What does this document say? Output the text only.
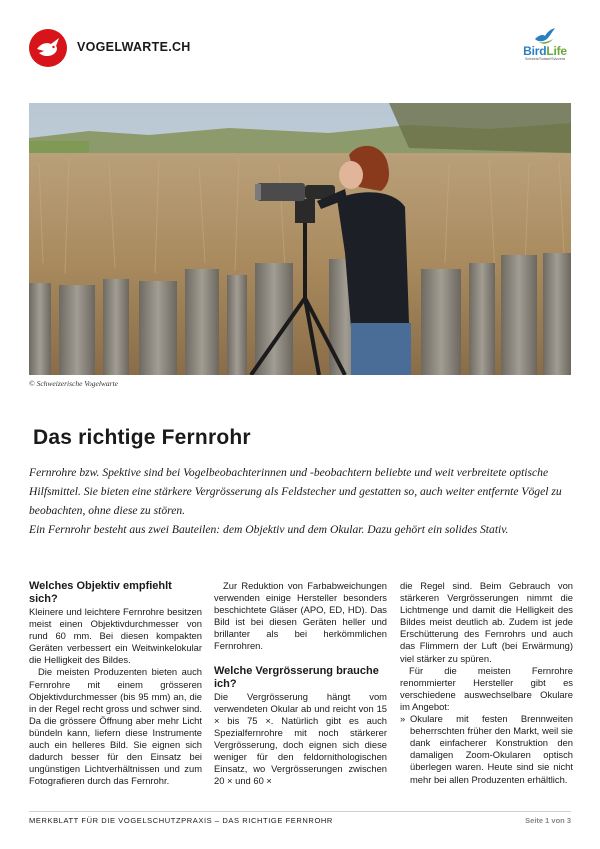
VOGELWARTE.CH	BirdLife
Schweiz/Suisse/Svizzera
© Schweizerische Vogelwarte
Das richtige Fernrohr

Fernrohre bzw. Spektive sind bei Vogelbeobachterinnen und -beobachtern beliebte und weit verbreitete optische Hilfsmittel. Sie bieten eine stärkere Vergrösserung als Feldstecher und gestatten so, auch weiter entfernte Vögel zu beobachten, ohne diese zu stören.

Ein Fernrohr besteht aus zwei Bauteilen: dem Objektiv und dem Okular. Dazu gehört ein solides Stativ.

Welches Objektiv empfiehlt sich?

Kleinere und leichtere Fernrohre besitzen meist einen Objektivdurchmesser von rund 60 mm. Bei diesen kompakten Geräten verbessert ein Weitwinkelokular die Helligkeit des Bildes.

Die meisten Produzenten bieten auch Fernrohre mit einem grösseren Objektivdurchmesser (bis 95 mm) an, die in der Regel recht gross und schwer sind. Da die grössere Öffnung aber mehr Licht bündeln kann, liefern diese Instrumente auch ein helleres Bild. Sie eignen sich dadurch besser für den Einsatz bei ungünstigen Lichtverhältnissen und zum Fotografieren durch das Fernrohr.

Zur Reduktion von Farbabweichungen verwenden einige Hersteller besonders beschichtete Gläser (APO, ED, HD). Das Bild ist bei diesen Geräten heller und brillanter als bei herkömmlichen Fernrohren.

Welche Vergrösserung brauche ich?

Die Vergrösserung hängt vom verwendeten Okular ab und reicht von 15 × bis 75 ×. Natürlich gibt es auch Spezialfernrohre mit noch stärkerer Vergrösserung, doch eignen sich diese weniger für den feldornithologischen Einsatz, wo Vergrösserungen zwischen 20 × und 60 ×

die Regel sind. Beim Gebrauch von stärkeren Vergrösserungen nimmt die Lichtmenge und damit die Helligkeit des Bildes meist deutlich ab. Zudem ist jede Erschütterung des Fernrohrs und auch das Flimmern der Luft (bei Erwärmung) viel stärker zu spüren.

Für die meisten Fernrohre renommierter Hersteller gibt es verschiedene auswechselbare Okulare im Angebot:

» Okulare mit festen Brennweiten beherrschten früher den Markt, weil sie dank einfacherer Konstruktion den damaligen Zoom-Okularen optisch überlegen waren. Heute sind sie nicht mehr bei allen Produzenten erhältlich.
MERKBLATT FÜR DIE VOGELSCHUTZPRAXIS – DAS RICHTIGE FERNROHR	Seite 1 von 3
